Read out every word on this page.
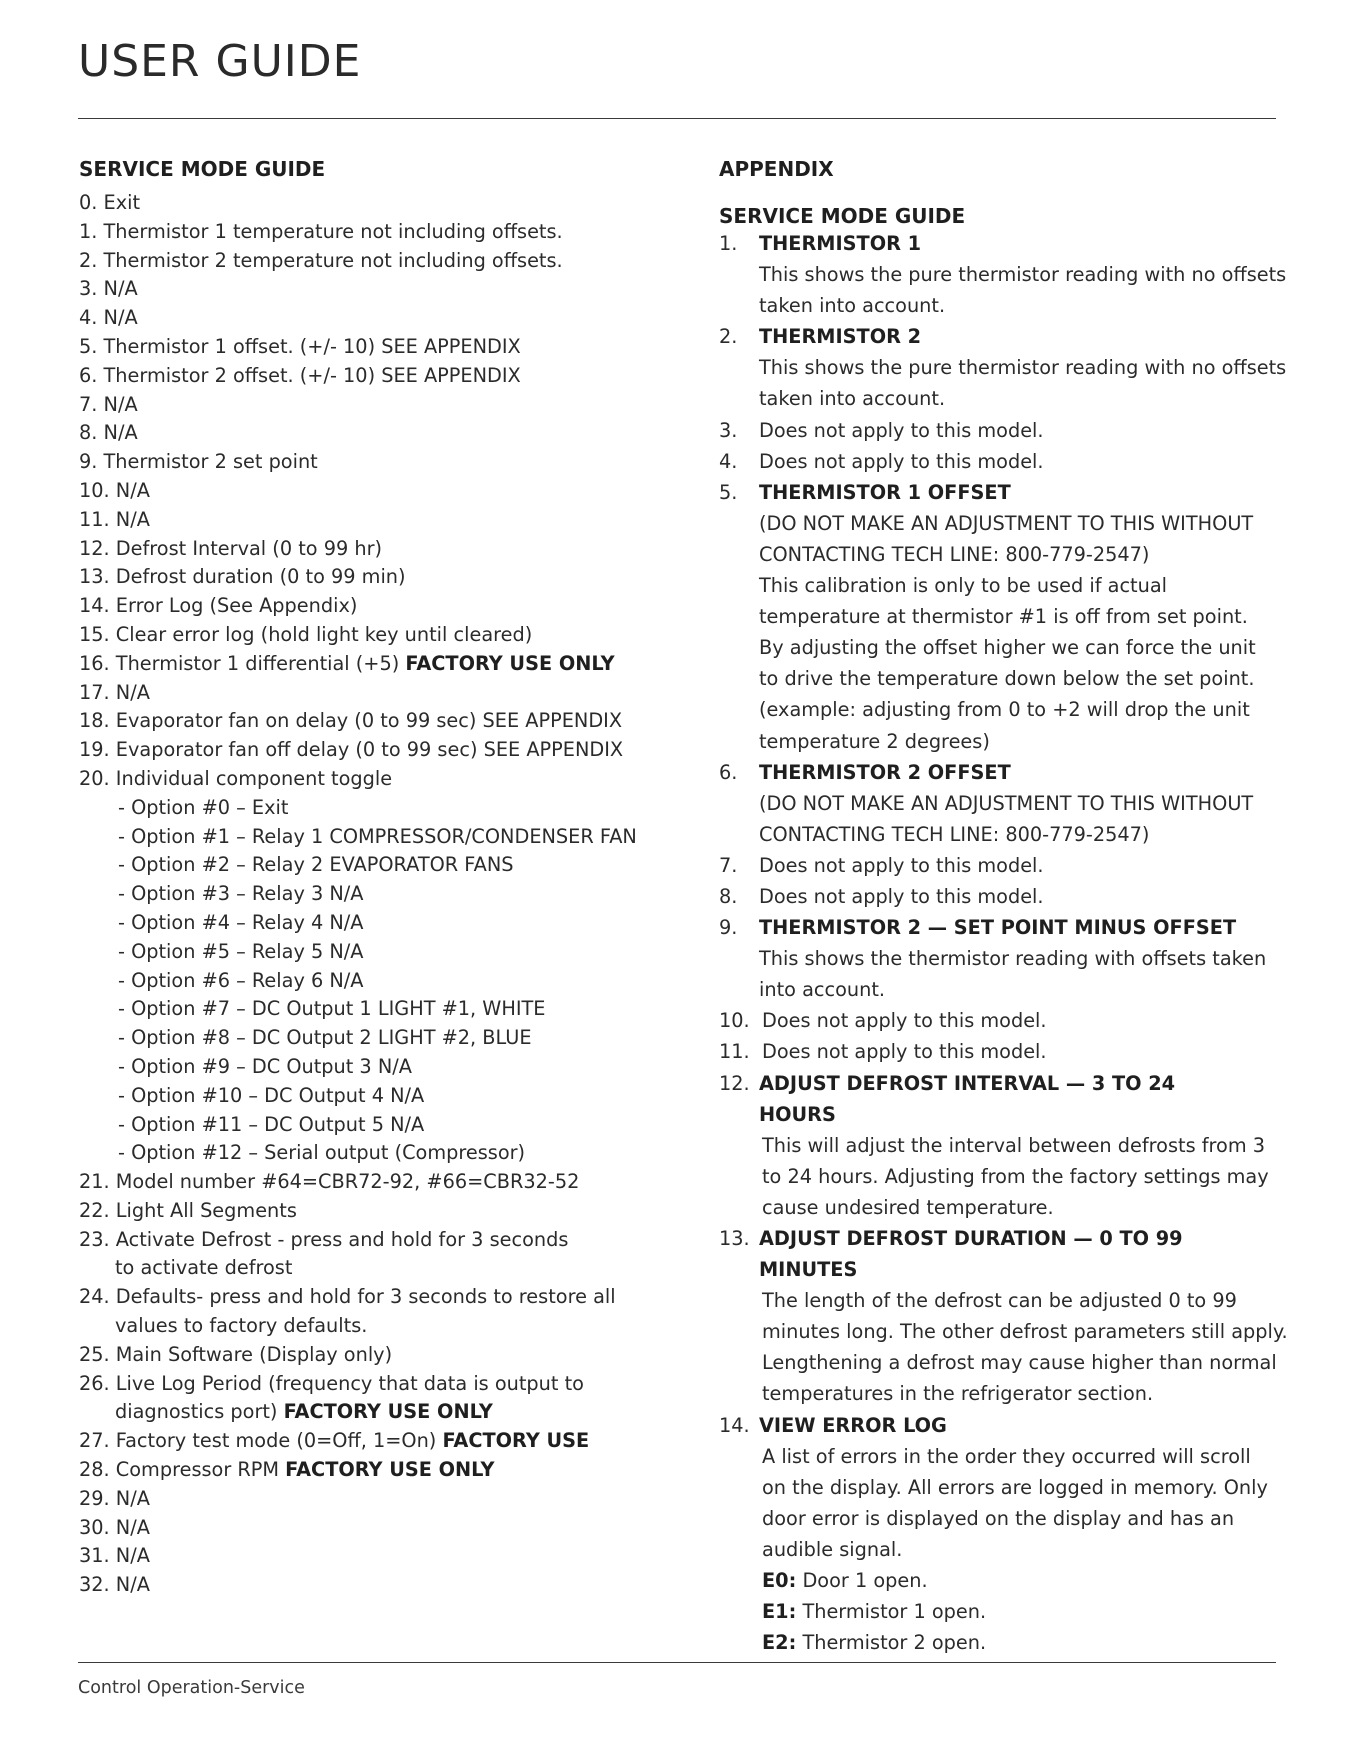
USER GUIDE
SERVICE MODE GUIDE
0. Exit
1. Thermistor 1 temperature not including offsets.
2. Thermistor 2 temperature not including offsets.
3. N/A
4. N/A
5. Thermistor 1 offset. (+/- 10) SEE APPENDIX
6. Thermistor 2 offset. (+/- 10) SEE APPENDIX
7. N/A
8. N/A
9. Thermistor 2 set point
10. N/A
11. N/A
12. Defrost Interval (0 to 99 hr)
13. Defrost duration (0 to 99 min)
14. Error Log (See Appendix)
15. Clear error log (hold light key until cleared)
16. Thermistor 1 differential (+5) FACTORY USE ONLY
17. N/A
18. Evaporator fan on delay (0 to 99 sec) SEE APPENDIX
19. Evaporator fan off delay (0 to 99 sec) SEE APPENDIX
20. Individual component toggle
- Option #0 – Exit
- Option #1 – Relay 1 COMPRESSOR/CONDENSER FAN
- Option #2 – Relay 2 EVAPORATOR FANS
- Option #3 – Relay 3 N/A
- Option #4 – Relay 4 N/A
- Option #5 – Relay 5 N/A
- Option #6 – Relay 6 N/A
- Option #7 – DC Output 1 LIGHT #1, WHITE
- Option #8 – DC Output 2 LIGHT #2, BLUE
- Option #9 – DC Output 3 N/A
- Option #10 – DC Output 4 N/A
- Option #11 – DC Output 5 N/A
- Option #12 – Serial output (Compressor)
21. Model number #64=CBR72-92, #66=CBR32-52
22. Light All Segments
23. Activate Defrost - press and hold for 3 seconds
to activate defrost
24. Defaults- press and hold for 3 seconds to restore all
values to factory defaults.
25. Main Software (Display only)
26. Live Log Period (frequency that data is output to
diagnostics port) FACTORY USE ONLY
27. Factory test mode (0=Off, 1=On) FACTORY USE
28. Compressor RPM FACTORY USE ONLY
29. N/A
30. N/A
31. N/A
32. N/A
APPENDIX
SERVICE MODE GUIDE
1.	THERMISTOR 1
This shows the pure thermistor reading with no offsets
taken into account.
2.	THERMISTOR 2
This shows the pure thermistor reading with no offsets
taken into account.
3.	Does not apply to this model.
4.	Does not apply to this model.
5.	THERMISTOR 1 OFFSET
(DO NOT MAKE AN ADJUSTMENT TO THIS WITHOUT
CONTACTING TECH LINE: 800-779-2547)
This calibration is only to be used if actual
temperature at thermistor #1 is off from set point.
By adjusting the offset higher we can force the unit
to drive the temperature down below the set point.
(example: adjusting from 0 to +2 will drop the unit
temperature 2 degrees)
6.	THERMISTOR 2 OFFSET
(DO NOT MAKE AN ADJUSTMENT TO THIS WITHOUT
CONTACTING TECH LINE: 800-779-2547)
7.	Does not apply to this model.
8.	Does not apply to this model.
9.	THERMISTOR 2 — SET POINT MINUS OFFSET
This shows the thermistor reading with offsets taken
into account.
10. Does not apply to this model.
11. Does not apply to this model.
12. ADJUST DEFROST INTERVAL — 3 TO 24
HOURS
This will adjust the interval between defrosts from 3
to 24 hours. Adjusting from the factory settings may
cause undesired temperature.
13. ADJUST DEFROST DURATION — 0 TO 99
MINUTES
The length of the defrost can be adjusted 0 to 99
minutes long. The other defrost parameters still apply.
Lengthening a defrost may cause higher than normal
temperatures in the refrigerator section.
14. VIEW ERROR LOG
A list of errors in the order they occurred will scroll
on the display. All errors are logged in memory. Only
door error is displayed on the display and has an
audible signal.
E0: Door 1 open.
E1: Thermistor 1 open.
E2: Thermistor 2 open.
Control Operation-Service
